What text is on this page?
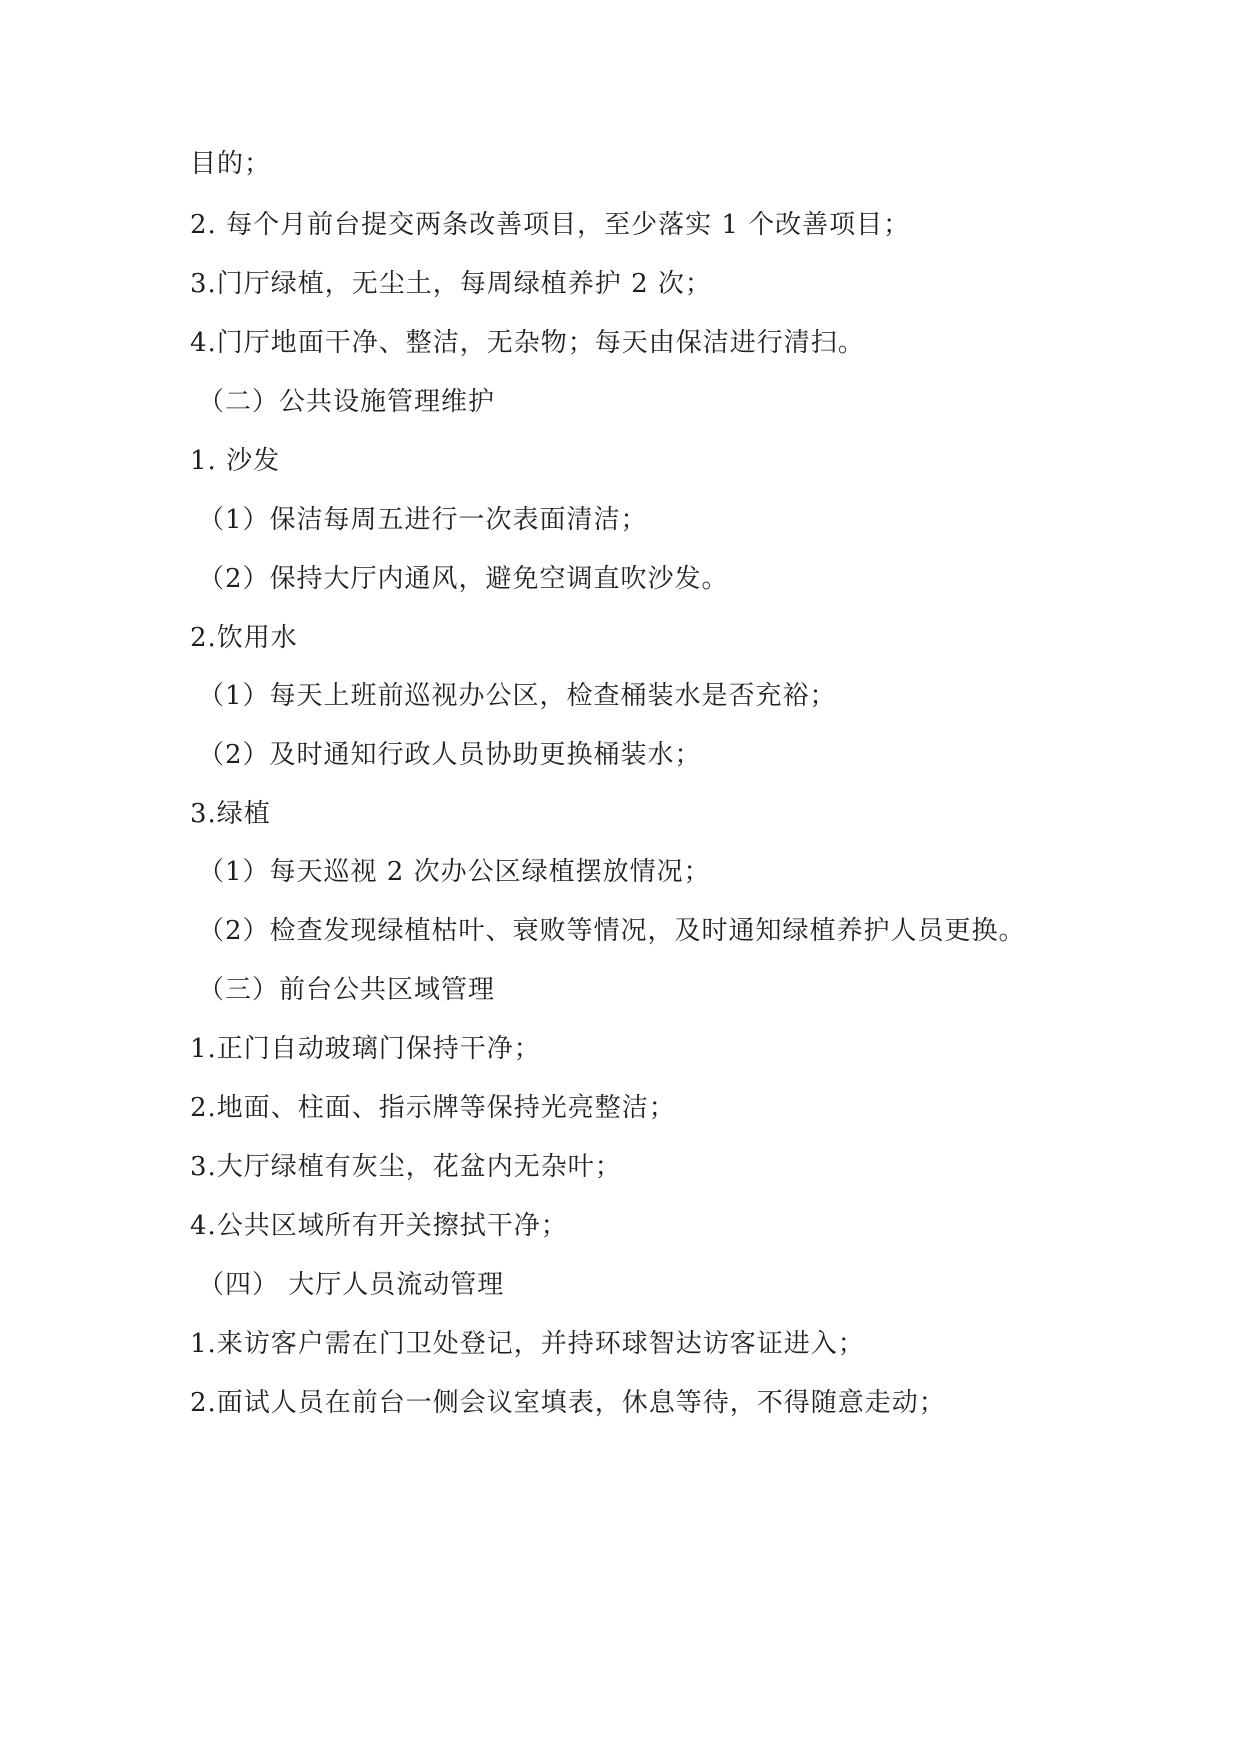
目的；

2. 每个月前台提交两条改善项目，至少落实 1 个改善项目；

3.门厅绿植，无尘土，每周绿植养护 2 次；

4.门厅地面干净、整洁，无杂物；每天由保洁进行清扫。

（二）公共设施管理维护

1. 沙发

（1）保洁每周五进行一次表面清洁；

（2）保持大厅内通风，避免空调直吹沙发。

2.饮用水

（1）每天上班前巡视办公区，检查桶装水是否充裕；

（2）及时通知行政人员协助更换桶装水；

3.绿植

（1）每天巡视 2 次办公区绿植摆放情况；

（2）检查发现绿植枯叶、衰败等情况，及时通知绿植养护人员更换。

（三）前台公共区域管理

1.正门自动玻璃门保持干净；

2.地面、柱面、指示牌等保持光亮整洁；

3.大厅绿植有灰尘，花盆内无杂叶；

4.公共区域所有开关擦拭干净；

（四） 大厅人员流动管理

1.来访客户需在门卫处登记，并持环球智达访客证进入；

2.面试人员在前台一侧会议室填表，休息等待，不得随意走动；
